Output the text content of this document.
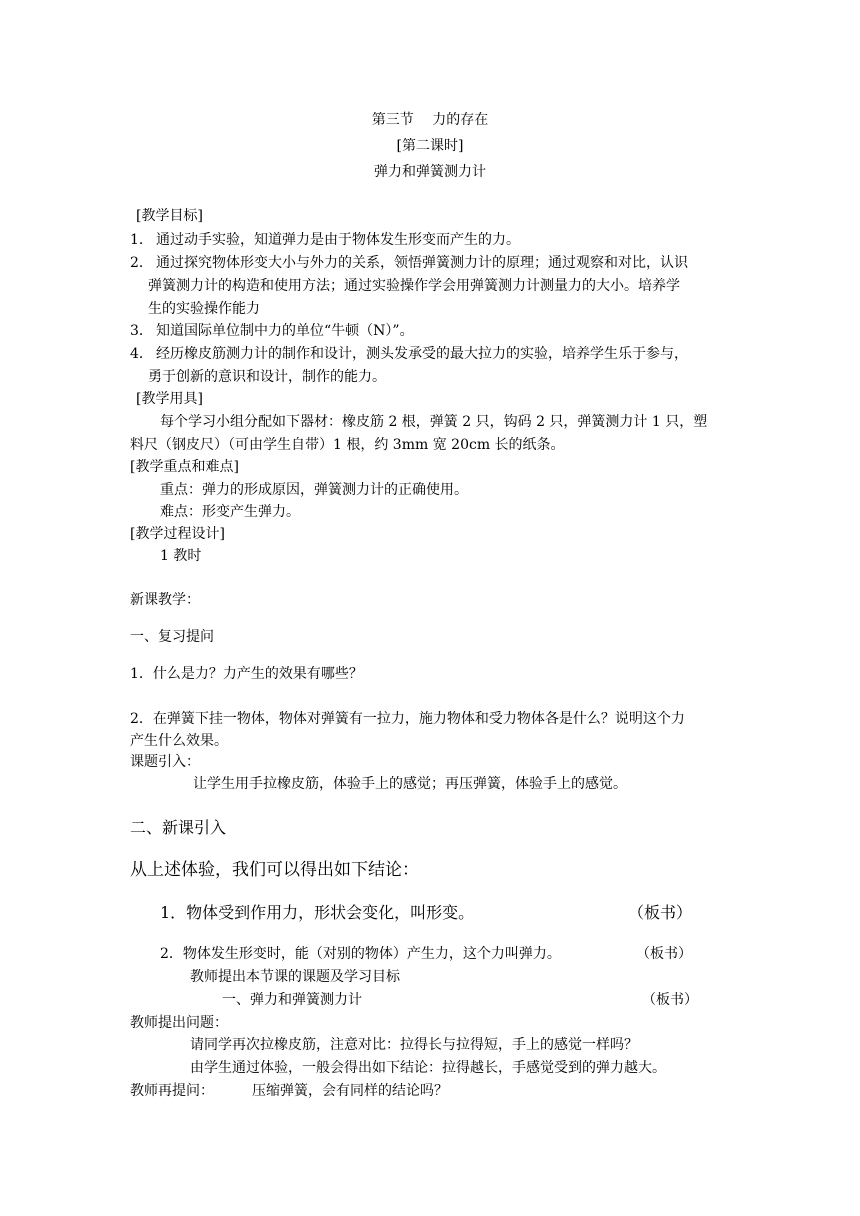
第三节　 力的存在
[第二课时]
弹力和弹簧测力计
[教学目标]
1． 通过动手实验，知道弹力是由于物体发生形变而产生的力。
2． 通过探究物体形变大小与外力的关系，领悟弹簧测力计的原理；通过观察和对比，认识
弹簧测力计的构造和使用方法；通过实验操作学会用弹簧测力计测量力的大小。培养学
生的实验操作能力
3． 知道国际单位制中力的单位“牛顿（N）”。
4． 经历橡皮筋测力计的制作和设计，测头发承受的最大拉力的实验，培养学生乐于参与，
勇于创新的意识和设计，制作的能力。
[教学用具]
每个学习小组分配如下器材：橡皮筋 2 根，弹簧 2 只，钩码 2 只，弹簧测力计 1 只，塑
料尺（钢皮尺）（可由学生自带）1 根，约 3mm 宽 20cm 长的纸条。
[教学重点和难点]
重点：弹力的形成原因，弹簧测力计的正确使用。
难点：形变产生弹力。
[教学过程设计]
1 教时
新课教学：
一、复习提问
1．什么是力？力产生的效果有哪些？
2．在弹簧下挂一物体，物体对弹簧有一拉力，施力物体和受力物体各是什么？说明这个力
产生什么效果。
课题引入：
让学生用手拉橡皮筋，体验手上的感觉；再压弹簧，体验手上的感觉。
二、新课引入
从上述体验，我们可以得出如下结论：
1．物体受到作用力，形状会变化，叫形变。	（板书）
2．物体发生形变时，能（对别的物体）产生力，这个力叫弹力。	（板书）
教师提出本节课的课题及学习目标
一、弹力和弹簧测力计	（板书）
教师提出问题：
请同学再次拉橡皮筋，注意对比：拉得长与拉得短，手上的感觉一样吗？
由学生通过体验，一般会得出如下结论：拉得越长，手感觉受到的弹力越大。
教师再提问：	压缩弹簧，会有同样的结论吗？
